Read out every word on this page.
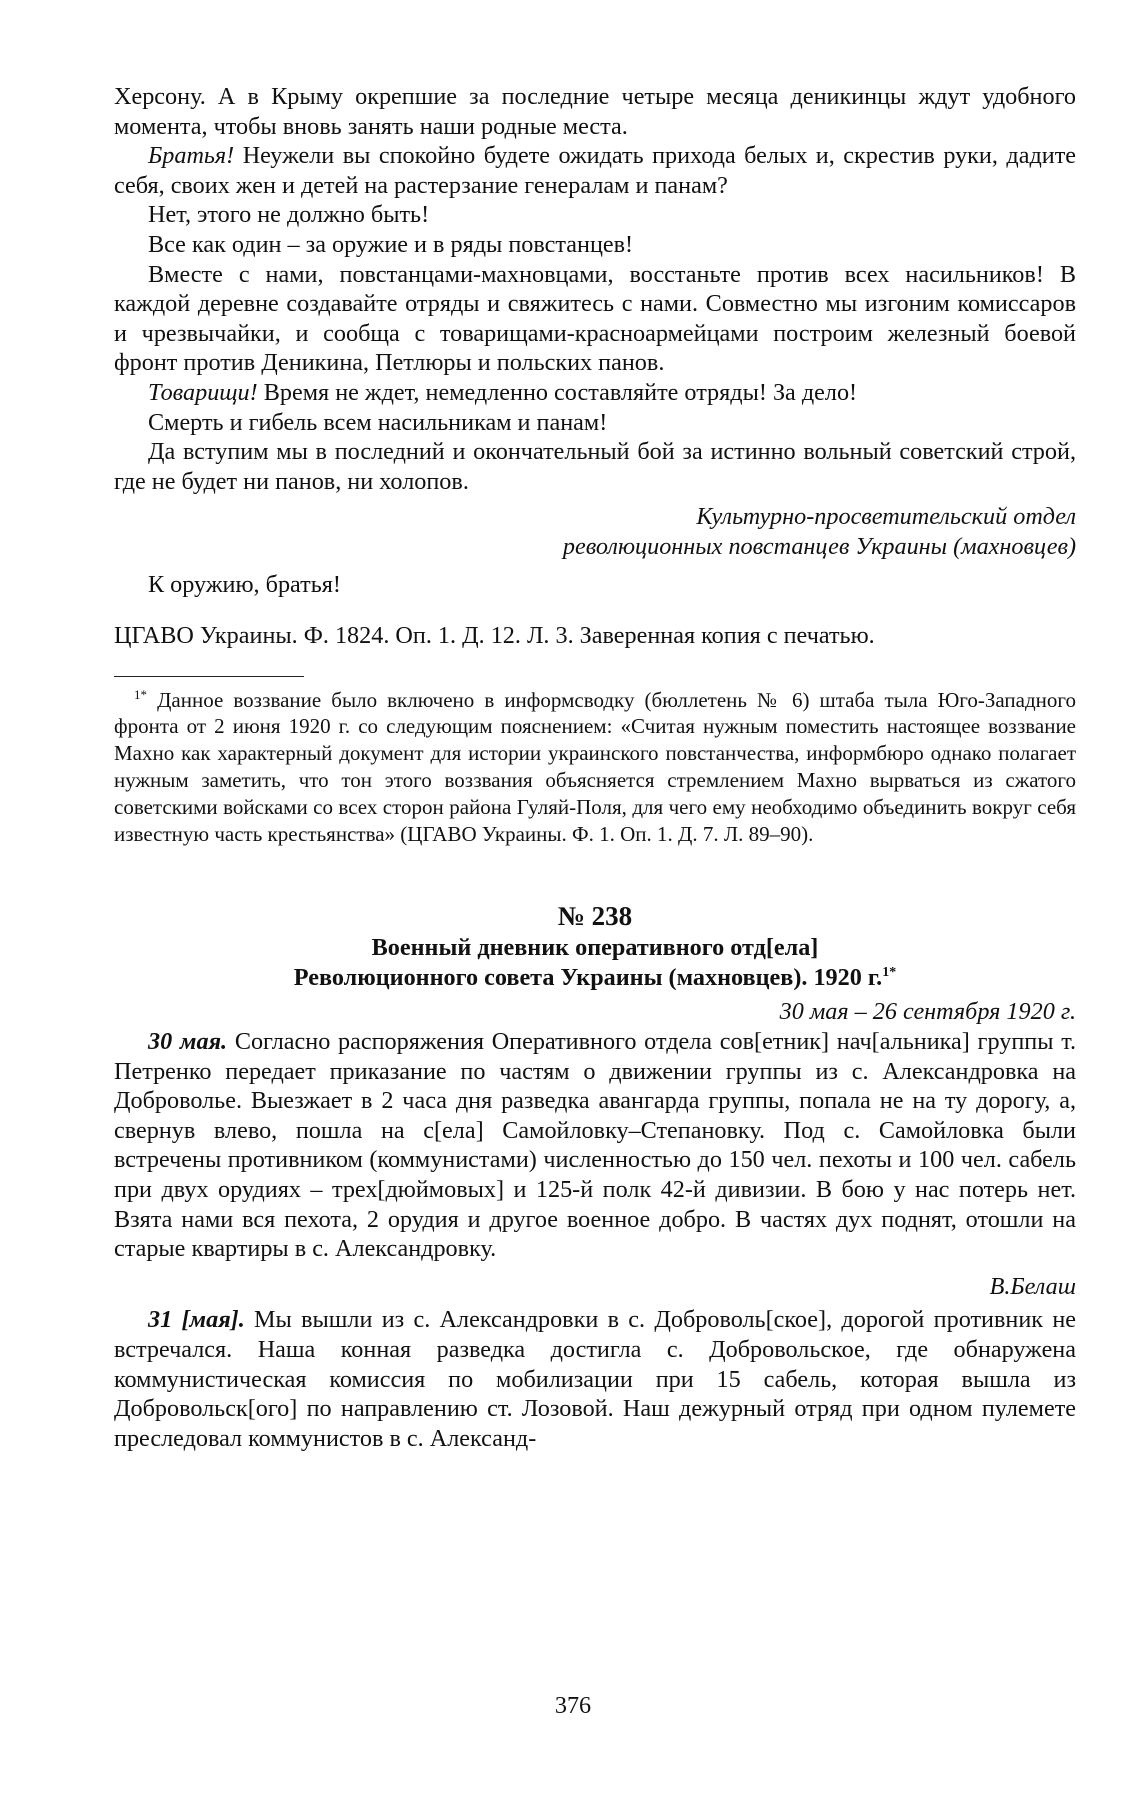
Херсону. А в Крыму окрепшие за последние четыре месяца деникинцы ждут удобного момента, чтобы вновь занять наши родные места.

Братья! Неужели вы спокойно будете ожидать прихода белых и, скрестив руки, дадите себя, своих жен и детей на растерзание генералам и панам?

Нет, этого не должно быть!

Все как один – за оружие и в ряды повстанцев!

Вместе с нами, повстанцами-махновцами, восстаньте против всех насильников! В каждой деревне создавайте отряды и свяжитесь с нами. Совместно мы изгоним комиссаров и чрезвычайки, и сообща с товарищами-красноармейцами построим железный боевой фронт против Деникина, Петлюры и польских панов.

Товарищи! Время не ждет, немедленно составляйте отряды! За дело!

Смерть и гибель всем насильникам и панам!

Да вступим мы в последний и окончательный бой за истинно вольный советский строй, где не будет ни панов, ни холопов.

Культурно-просветительский отдел

революционных повстанцев Украины (махновцев)

К оружию, братья!

ЦГАВО Украины. Ф. 1824. Оп. 1. Д. 12. Л. 3. Заверенная копия с печатью.

$^{1*}$ Данное воззвание было включено в информсводку (бюллетень № 6) штаба тыла Юго-Западного фронта от 2 июня 1920 г. со следующим пояснением: «Считая нужным поместить настоящее воззвание Махно как характерный документ для истории украинского повстанчества, информбюро однако полагает нужным заметить, что тон этого воззвания объясняется стремлением Махно вырваться из сжатого советскими войсками со всех сторон района Гуляй-Поля, для чего ему необходимо объединить вокруг себя известную часть крестьянства» (ЦГАВО Украины. Ф. 1. Оп. 1. Д. 7. Л. 89–90).

№ 238

Военный дневник оперативного отд[ела]

Революционного совета Украины (махновцев). 1920 г.$^{1*}$

30 мая – 26 сентября 1920 г.

30 мая. Согласно распоряжения Оперативного отдела сов[етник] нач[альника] группы т. Петренко передает приказание по частям о движении группы из с. Александровка на Доброволье. Выезжает в 2 часа дня разведка авангарда группы, попала не на ту дорогу, а, свернув влево, пошла на с[ела] Самойловку–Степановку. Под с. Самойловка были встречены противником (коммунистами) численностью до 150 чел. пехоты и 100 чел. сабель при двух орудиях – трех[дюймовых] и 125-й полк 42-й дивизии. В бою у нас потерь нет. Взята нами вся пехота, 2 орудия и другое военное добро. В частях дух поднят, отошли на старые квартиры в с. Александровку.

В.Белаш

31 [мая]. Мы вышли из с. Александровки в с. Доброволь[ское], дорогой противник не встречался. Наша конная разведка достигла с. Добровольское, где обнаружена коммунистическая комиссия по мобилизации при 15 сабель, которая вышла из Добровольск[ого] по направлению ст. Лозовой. Наш дежурный отряд при одном пулемете преследовал коммунистов в с. Александ-

376
